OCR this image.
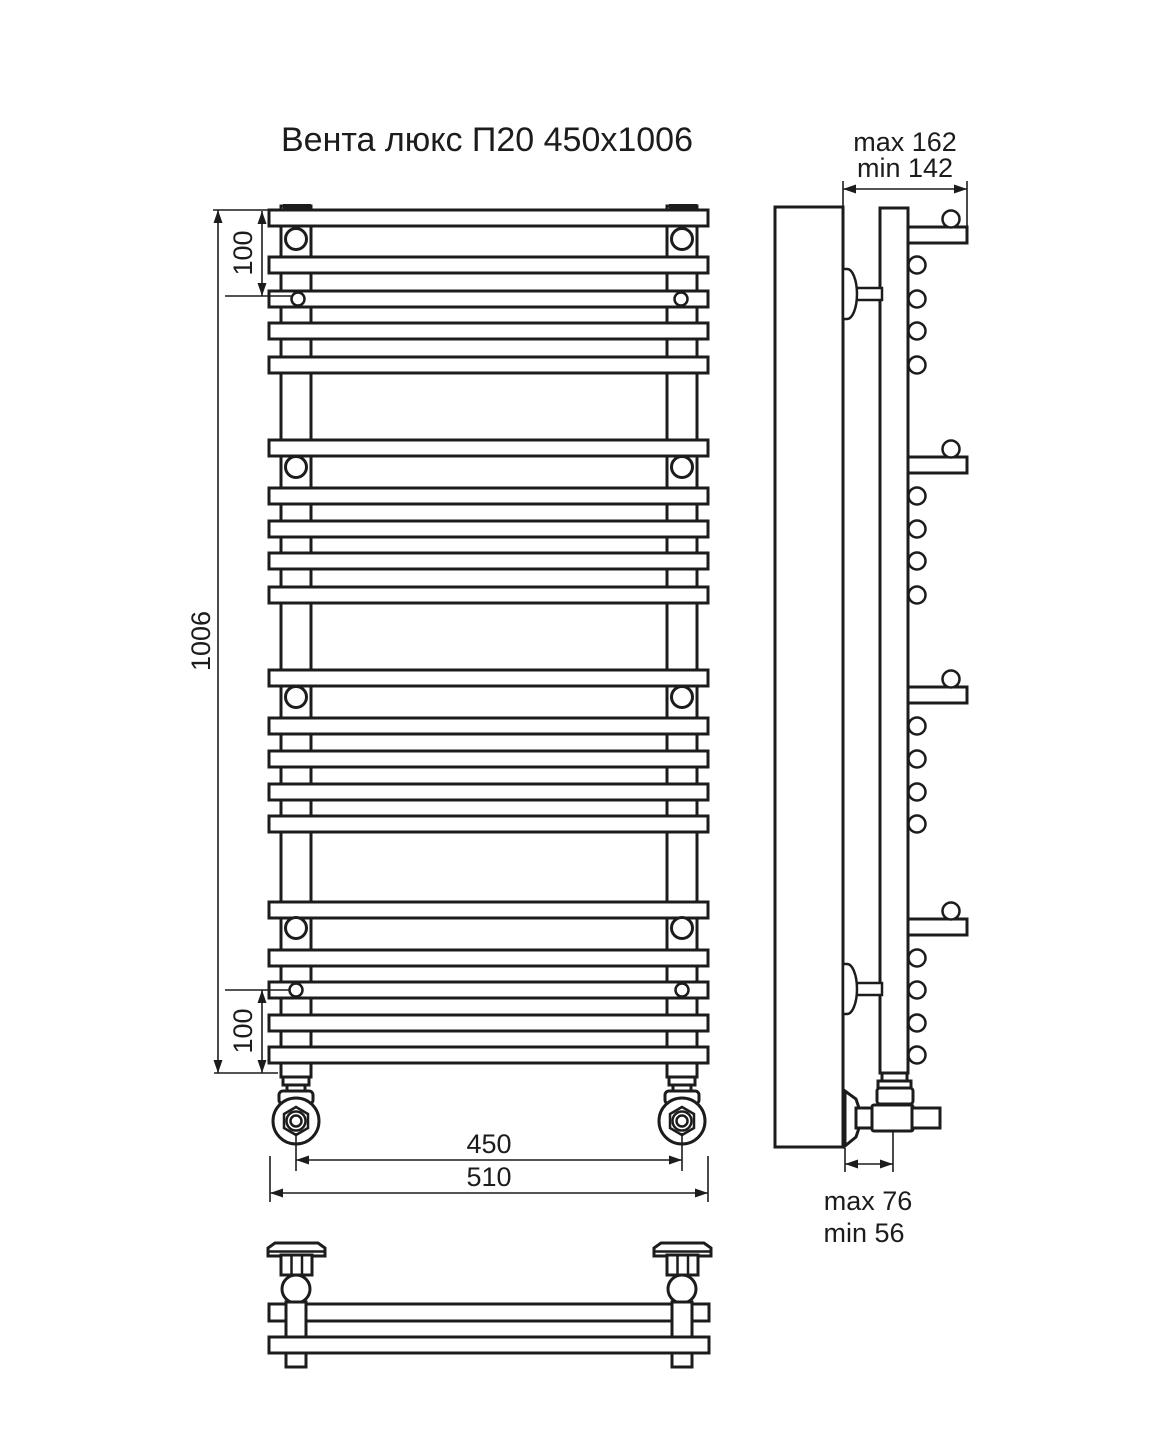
Вента люкс П20 450x1006
1006
100
100
450
510
max 162
min 142
max 76
min 56
